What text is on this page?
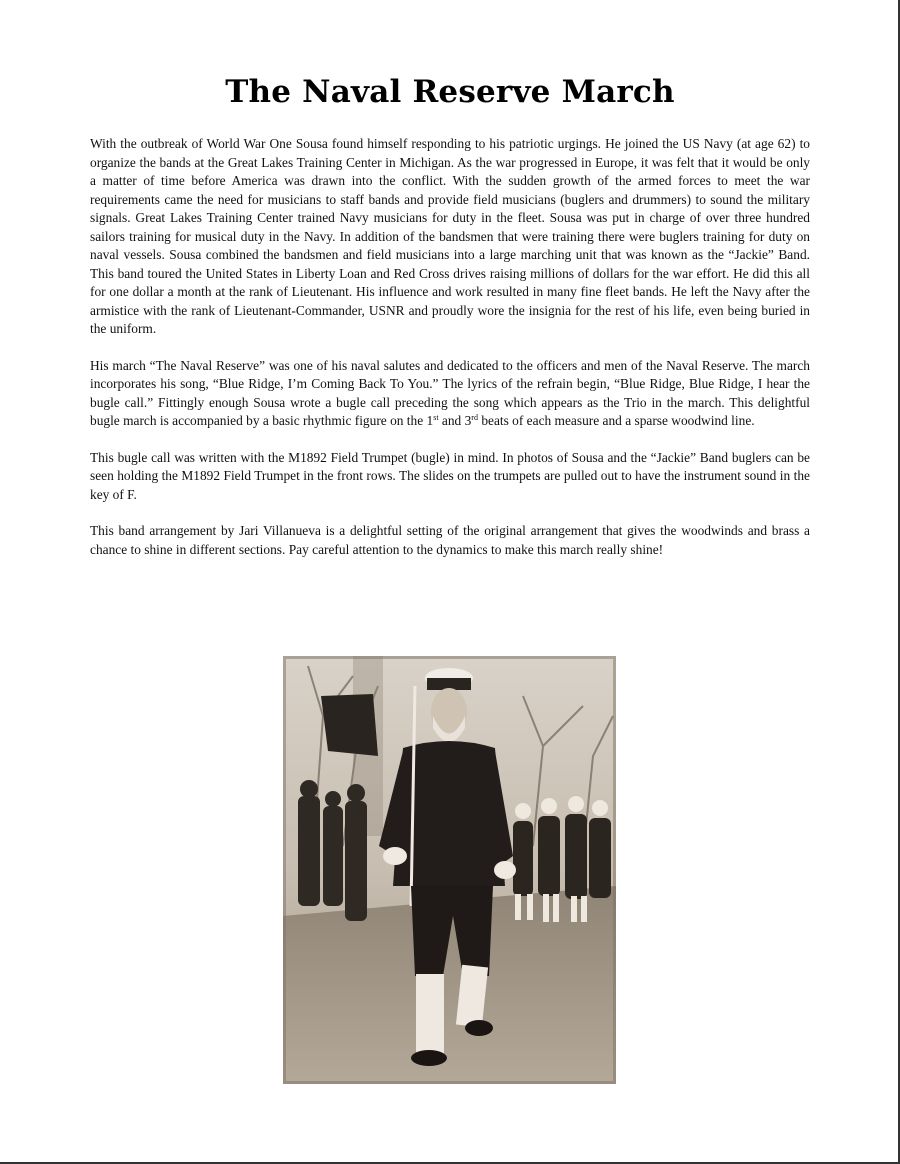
The Naval Reserve March

With the outbreak of World War One Sousa found himself responding to his patriotic urgings. He joined the US Navy (at age 62) to organize the bands at the Great Lakes Training Center in Michigan. As the war progressed in Europe, it was felt that it would be only a matter of time before America was drawn into the conflict. With the sudden growth of the armed forces to meet the war requirements came the need for musicians to staff bands and provide field musicians (buglers and drummers) to sound the military signals. Great Lakes Training Center trained Navy musicians for duty in the fleet. Sousa was put in charge of over three hundred sailors training for musical duty in the Navy. In addition of the bandsmen that were training there were buglers training for duty on naval vessels. Sousa combined the bandsmen and field musicians into a large marching unit that was known as the “Jackie” Band. This band toured the United States in Liberty Loan and Red Cross drives raising millions of dollars for the war effort. He did this all for one dollar a month at the rank of Lieutenant. His influence and work resulted in many fine fleet bands. He left the Navy after the armistice with the rank of Lieutenant-Commander, USNR and proudly wore the insignia for the rest of his life, even being buried in the uniform.

His march “The Naval Reserve” was one of his naval salutes and dedicated to the officers and men of the Naval Reserve. The march incorporates his song, “Blue Ridge, I’m Coming Back To You.” The lyrics of the refrain begin, “Blue Ridge, Blue Ridge, I hear the bugle call.” Fittingly enough Sousa wrote a bugle call preceding the song which appears as the Trio in the march. This delightful bugle march is accompanied by a basic rhythmic figure on the 1st and 3rd beats of each measure and a sparse woodwind line.

This bugle call was written with the M1892 Field Trumpet (bugle) in mind. In photos of Sousa and the “Jackie” Band buglers can be seen holding the M1892 Field Trumpet in the front rows. The slides on the trumpets are pulled out to have the instrument sound in the key of F.

This band arrangement by Jari Villanueva is a delightful setting of the original arrangement that gives the woodwinds and brass a chance to shine in different sections. Pay careful attention to the dynamics to make this march really shine!
